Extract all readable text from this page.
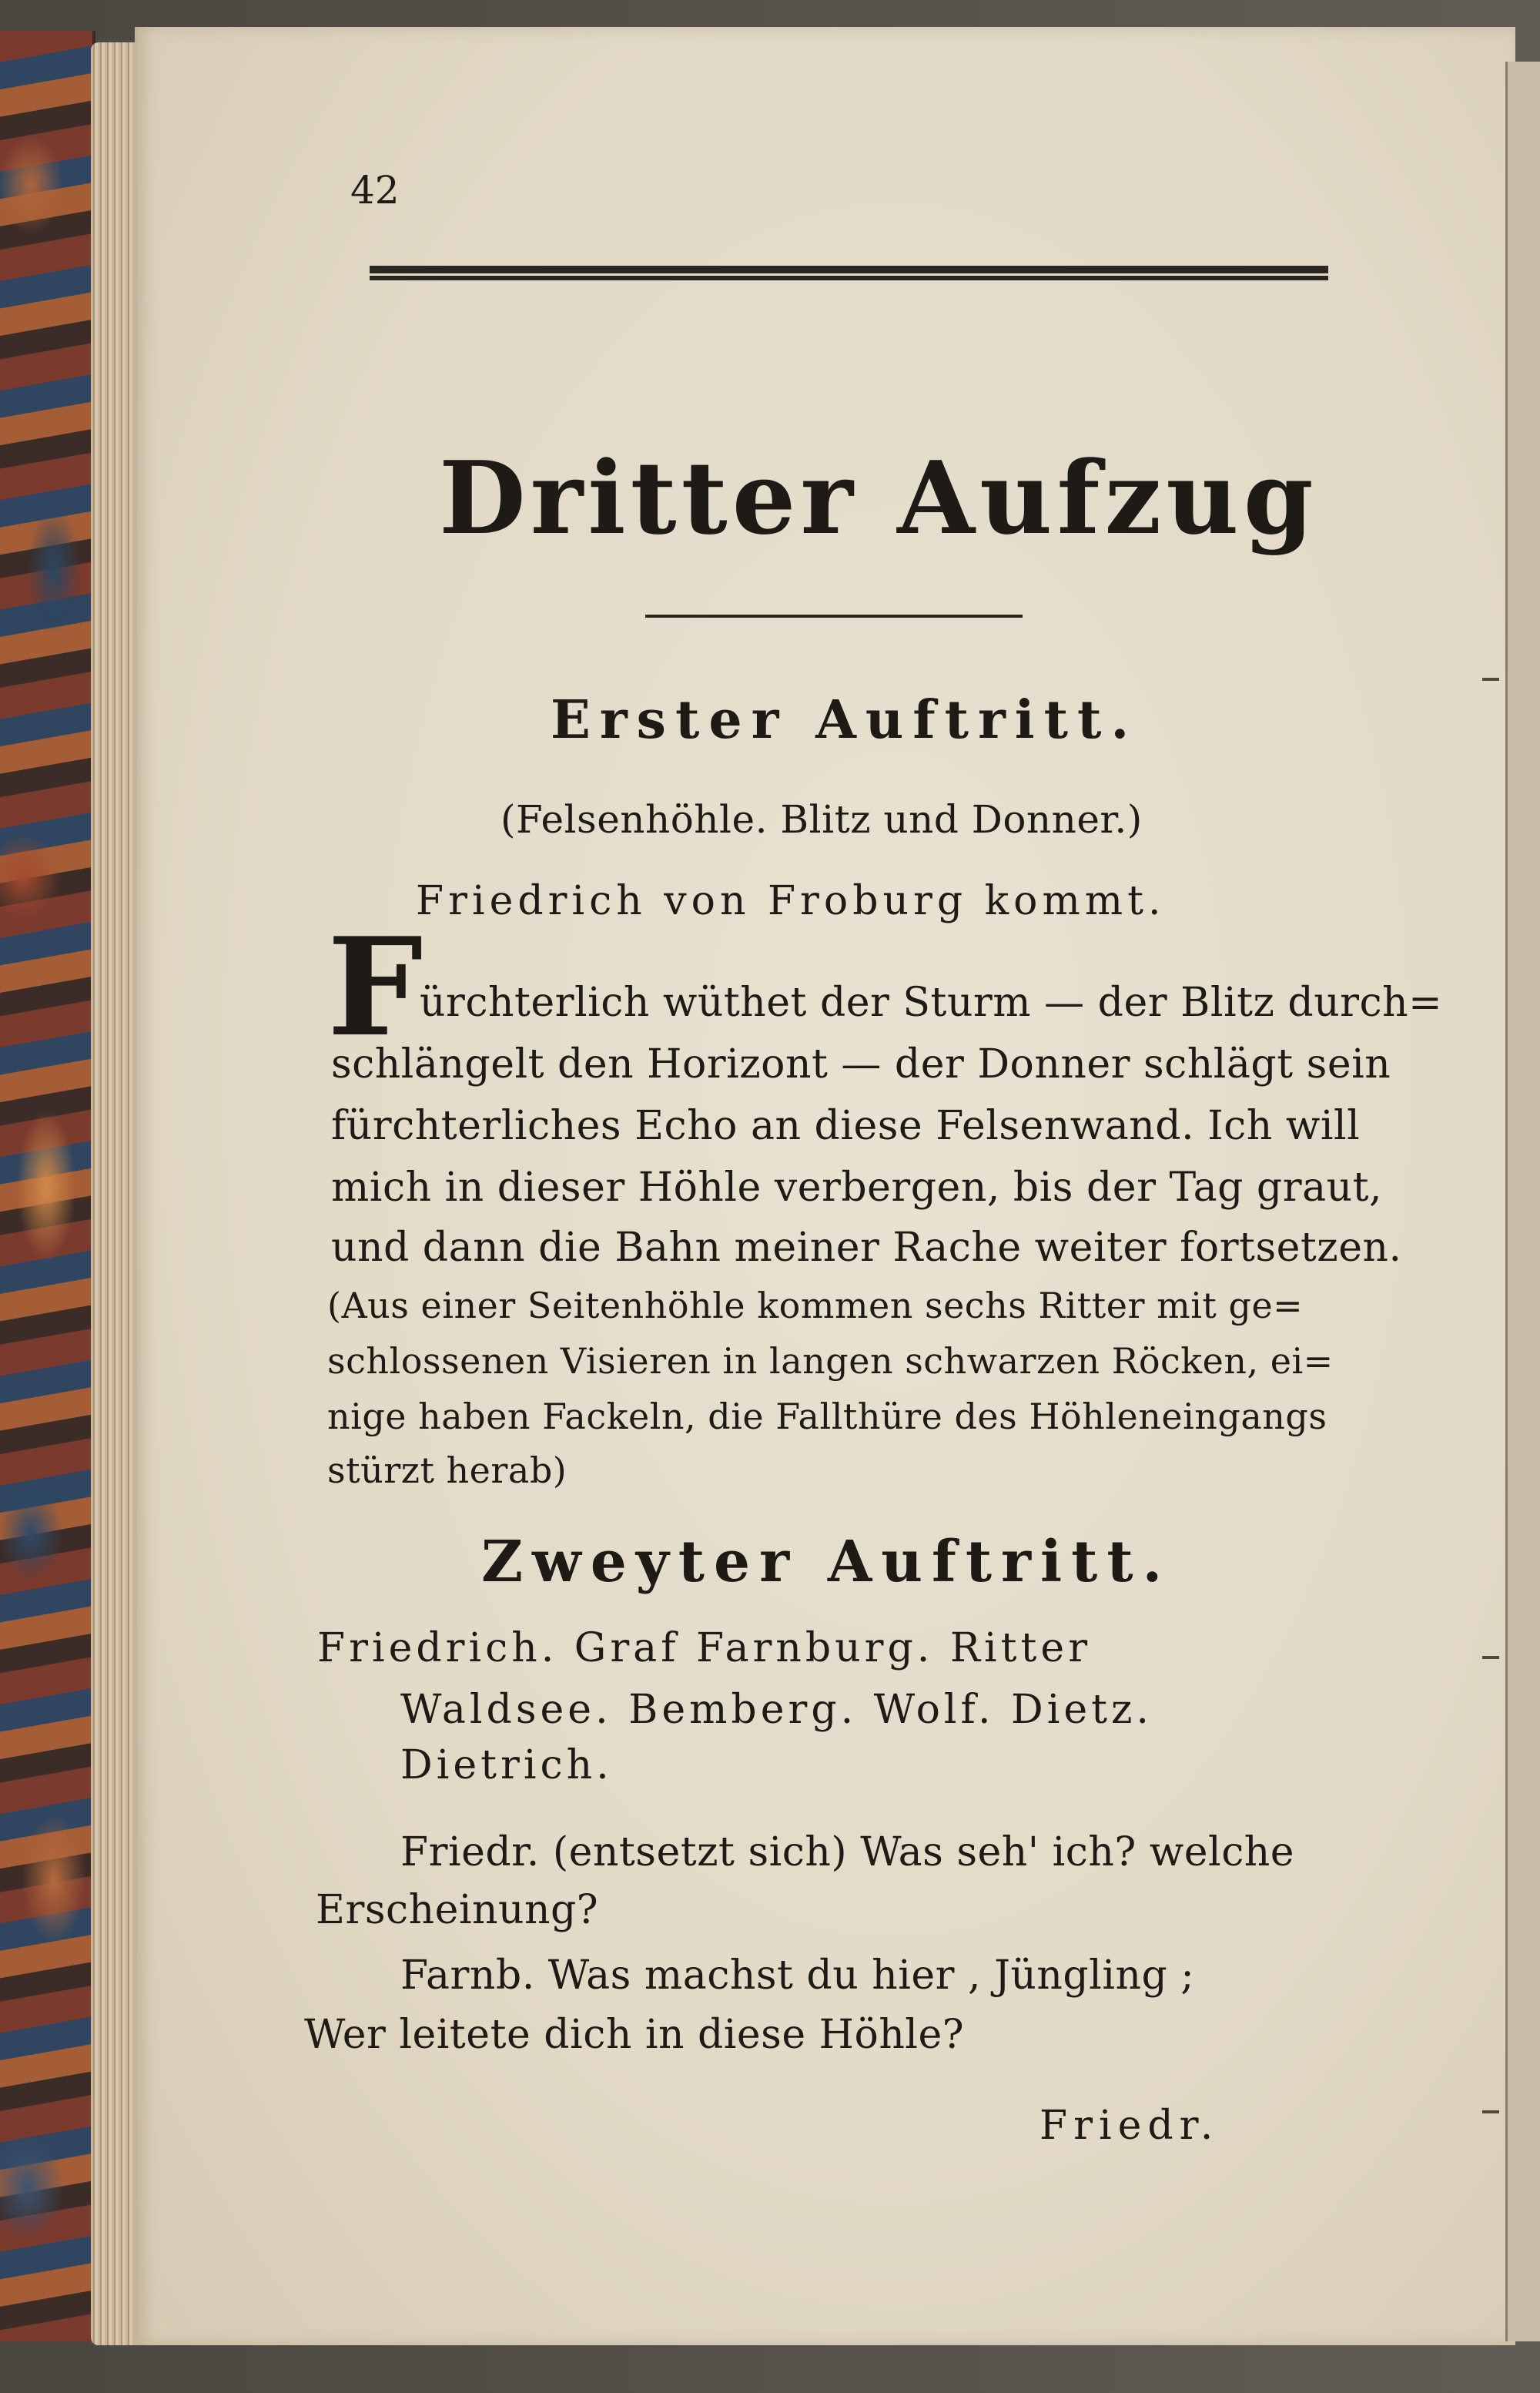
42
Dritter Aufzug
Erster Auftritt.
(Felsenhöhle. Blitz und Donner.)
Friedrich von Froburg kommt.
F
ürchterlich wüthet der Sturm — der Blitz durch=
schlängelt den Horizont — der Donner schlägt sein
fürchterliches Echo an diese Felsenwand. Ich will
mich in dieser Höhle verbergen, bis der Tag graut,
und dann die Bahn meiner Rache weiter fortsetzen.
(Aus einer Seitenhöhle kommen sechs Ritter mit ge=
schlossenen Visieren in langen schwarzen Röcken, ei=
nige haben Fackeln, die Fallthüre des Höhleneingangs
stürzt herab)
Zweyter Auftritt.
Friedrich. Graf Farnburg. Ritter
Waldsee. Bemberg. Wolf. Dietz.
Dietrich.
Friedr. (entsetzt sich) Was seh' ich? welche
Erscheinung?
Farnb. Was machst du hier , Jüngling ;
Wer leitete dich in diese Höhle?
Friedr.
